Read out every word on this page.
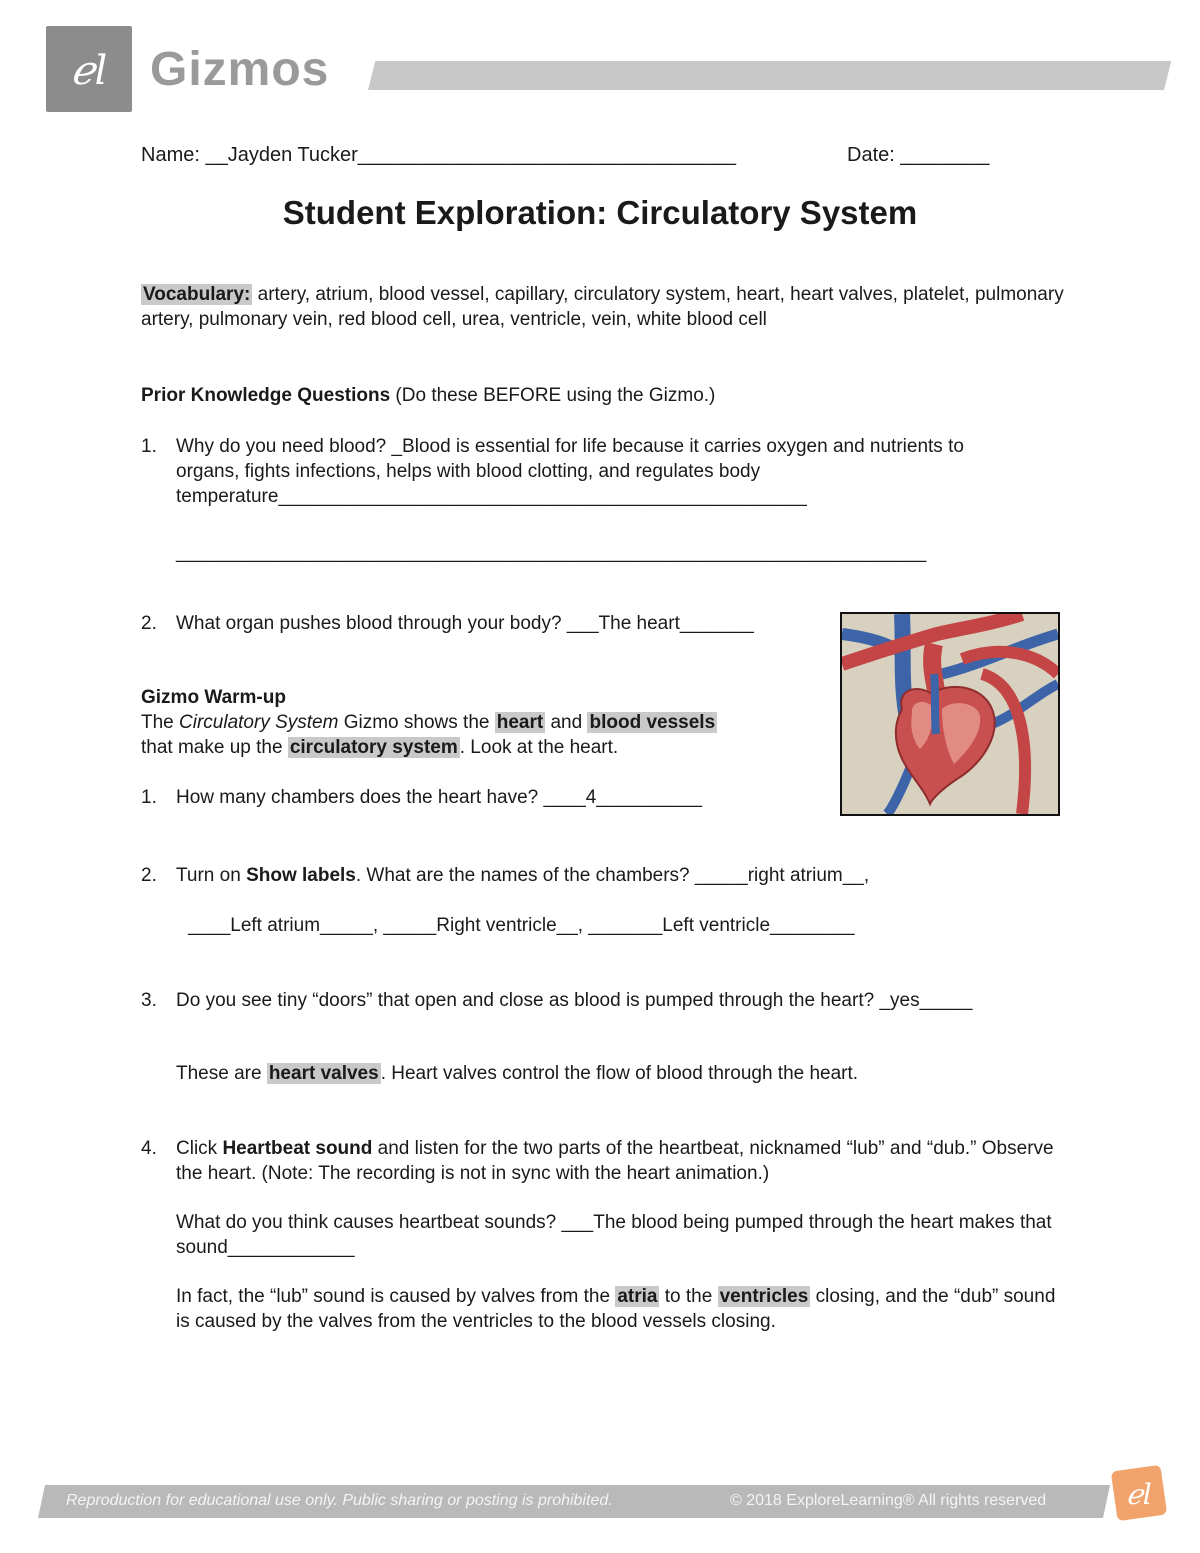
ℯl Gizmos
Name: __Jayden Tucker__________________________________	Date: ________
Student Exploration: Circulatory System
Vocabulary: artery, atrium, blood vessel, capillary, circulatory system, heart, heart valves, platelet, pulmonary artery, pulmonary vein, red blood cell, urea, ventricle, vein, white blood cell
Prior Knowledge Questions (Do these BEFORE using the Gizmo.)
1. Why do you need blood? _Blood is essential for life because it carries oxygen and nutrients to organs, fights infections, helps with blood clotting, and regulates body temperature__________________________________________________
_______________________________________________________________________
2. What organ pushes blood through your body? ___The heart_______
Gizmo Warm-up
The Circulatory System Gizmo shows the heart and blood vessels
that make up the circulatory system . Look at the heart.
1. How many chambers does the heart have? ____4__________
2. Turn on Show labels. What are the names of the chambers? _____right atrium__,
____Left atrium_____, _____Right ventricle__, _______Left ventricle________
3. Do you see tiny “doors” that open and close as blood is pumped through the heart? _yes_____
These are heart valves . Heart valves control the flow of blood through the heart.
4. Click Heartbeat sound and listen for the two parts of the heartbeat, nicknamed “lub” and “dub.” Observe the heart. (Note: The recording is not in sync with the heart animation.)
What do you think causes heartbeat sounds? ___The blood being pumped through the heart makes that sound____________
In fact, the “lub” sound is caused by valves from the atria to the ventricles closing, and the “dub” sound is caused by the valves from the ventricles to the blood vessels closing.
Reproduction for educational use only. Public sharing or posting is prohibited.	© 2018 ExploreLearning® All rights reserved	ℯl
